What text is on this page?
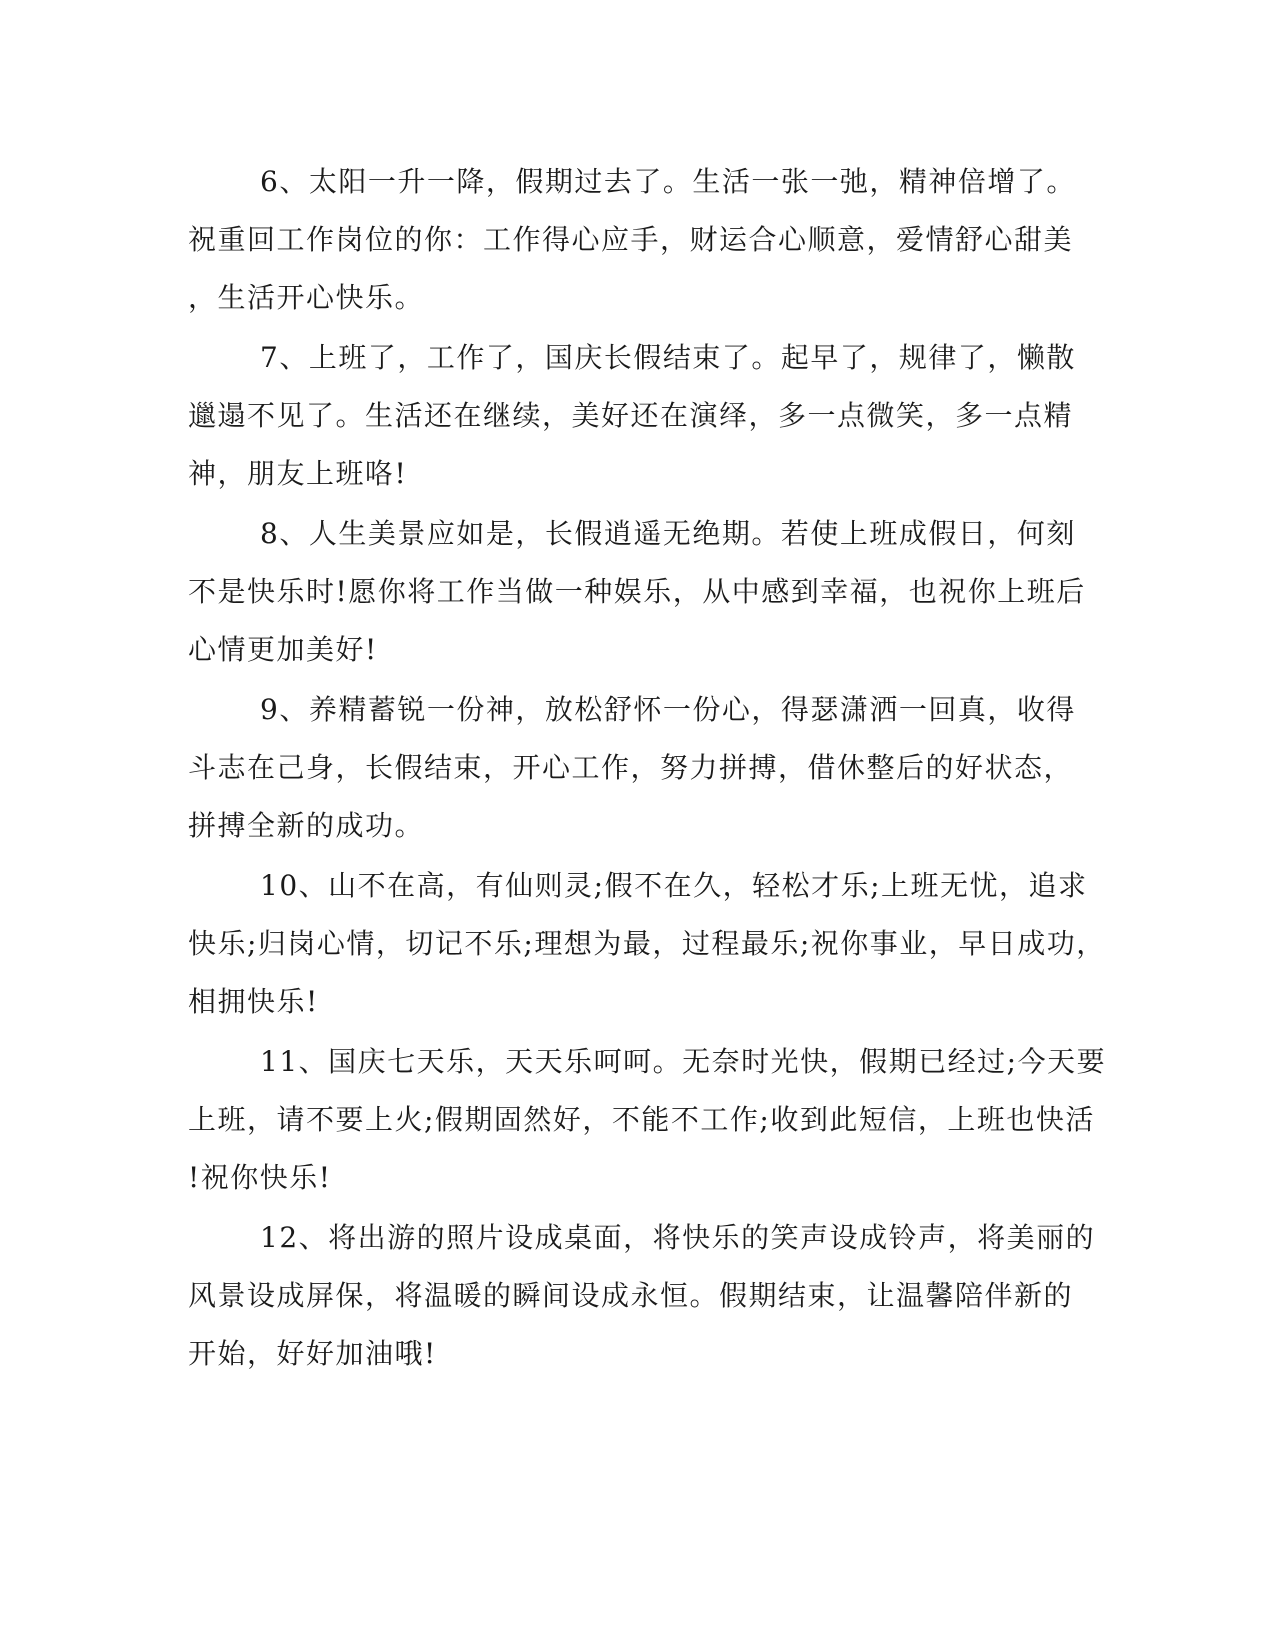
6、太阳一升一降，假期过去了。生活一张一弛，精神倍增了。
祝重回工作岗位的你：工作得心应手，财运合心顺意，爱情舒心甜美
，生活开心快乐。
7、上班了，工作了，国庆长假结束了。起早了，规律了，懒散
邋遢不见了。生活还在继续，美好还在演绎，多一点微笑，多一点精
神，朋友上班咯!
8、人生美景应如是，长假逍遥无绝期。若使上班成假日，何刻
不是快乐时!愿你将工作当做一种娱乐，从中感到幸福，也祝你上班后
心情更加美好!
9、养精蓄锐一份神，放松舒怀一份心，得瑟潇洒一回真，收得
斗志在己身，长假结束，开心工作，努力拼搏，借休整后的好状态，
拼搏全新的成功。
10、山不在高，有仙则灵;假不在久，轻松才乐;上班无忧，追求
快乐;归岗心情，切记不乐;理想为最，过程最乐;祝你事业，早日成功，
相拥快乐!
11、国庆七天乐，天天乐呵呵。无奈时光快，假期已经过;今天要
上班，请不要上火;假期固然好，不能不工作;收到此短信，上班也快活
!祝你快乐!
12、将出游的照片设成桌面，将快乐的笑声设成铃声，将美丽的
风景设成屏保，将温暖的瞬间设成永恒。假期结束，让温馨陪伴新的
开始，好好加油哦!
